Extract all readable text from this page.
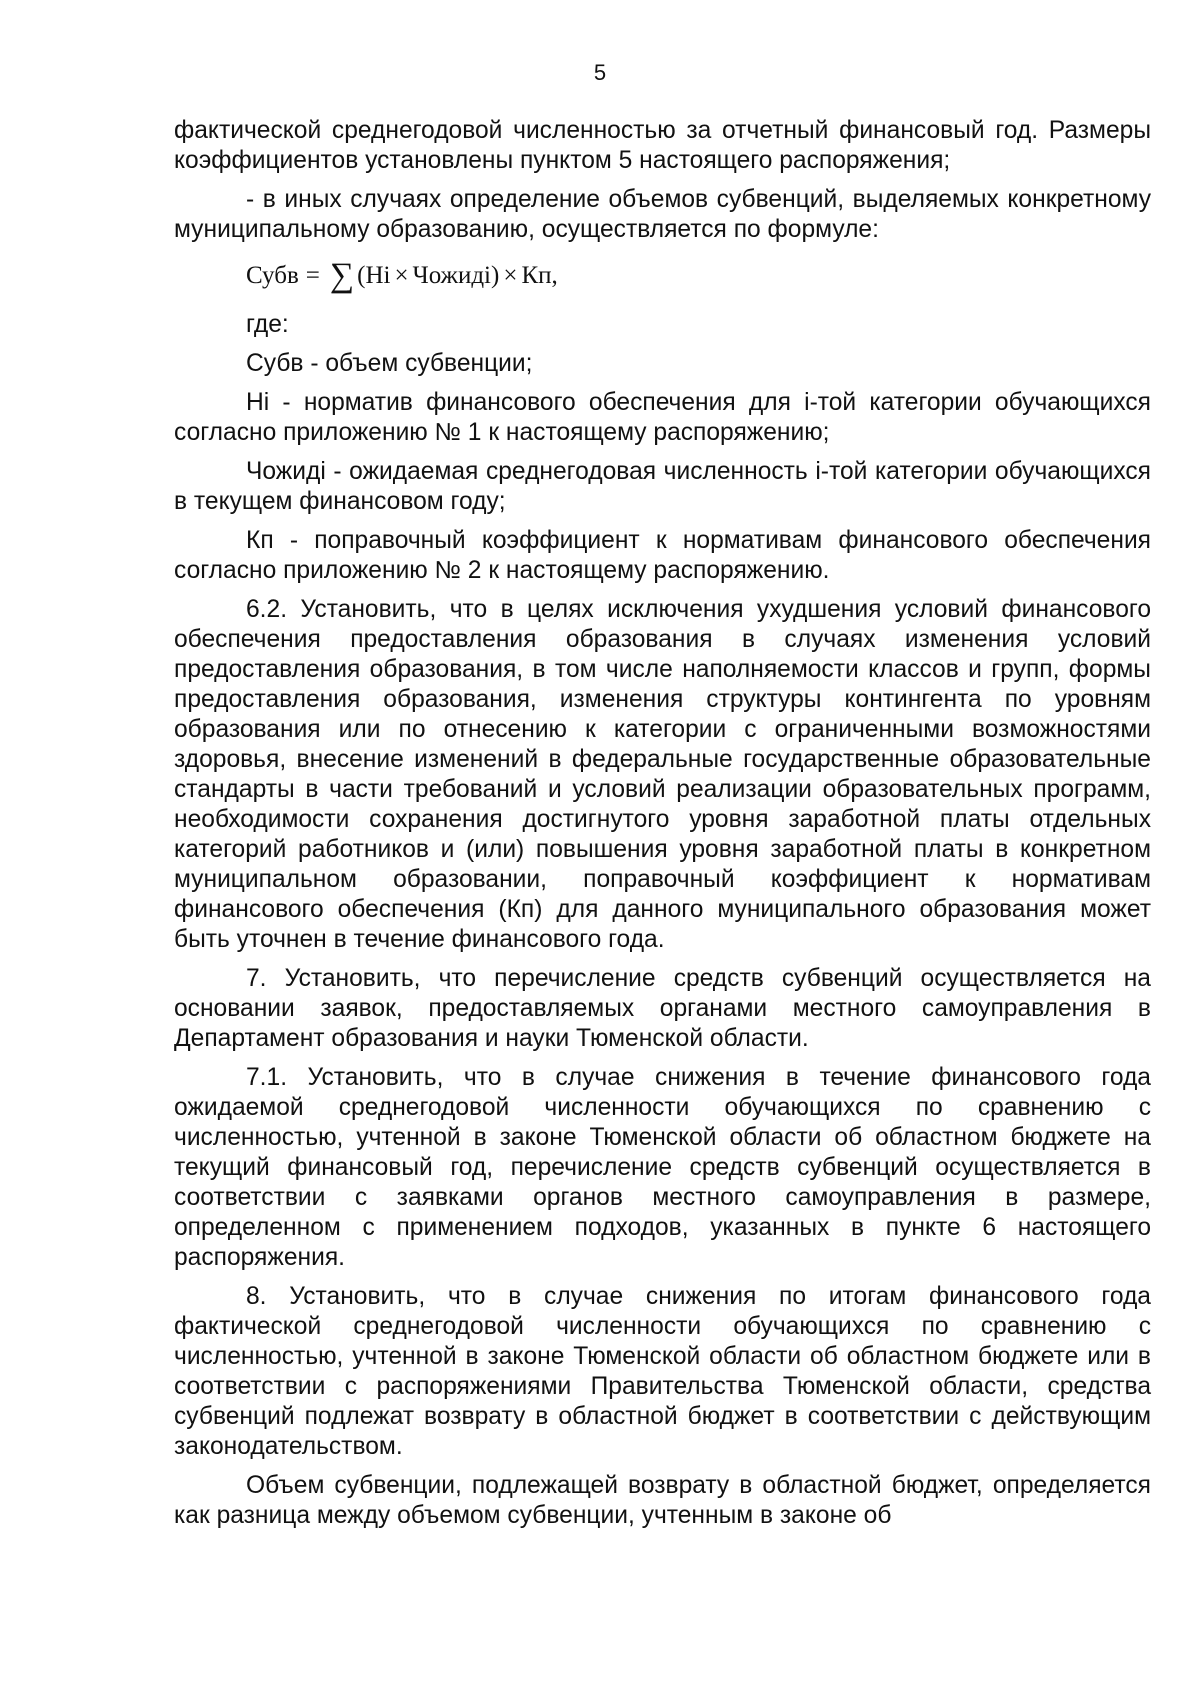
5

фактической среднегодовой численностью за отчетный финансовый год. Размеры коэффициентов установлены пунктом 5 настоящего распоряжения;

- в иных случаях определение объемов субвенций, выделяемых конкретному муниципальному образованию, осуществляется по формуле:

Субв = ∑ ( Нi × Чожидi ) × Кп ,

где:

Субв - объем субвенции;

Нi - норматив финансового обеспечения для i-той категории обучающихся согласно приложению № 1 к настоящему распоряжению;

Чожидi - ожидаемая среднегодовая численность i-той категории обучающихся в текущем финансовом году;

Кп - поправочный коэффициент к нормативам финансового обеспечения согласно приложению № 2 к настоящему распоряжению.

6.2. Установить, что в целях исключения ухудшения условий финансового обеспечения предоставления образования в случаях изменения условий предоставления образования, в том числе наполняемости классов и групп, формы предоставления образования, изменения структуры контингента по уровням образования или по отнесению к категории с ограниченными возможностями здоровья, внесение изменений в федеральные государственные образовательные стандарты в части требований и условий реализации образовательных программ, необходимости сохранения достигнутого уровня заработной платы отдельных категорий работников и (или) повышения уровня заработной платы в конкретном муниципальном образовании, поправочный коэффициент к нормативам финансового обеспечения (Кп) для данного муниципального образования может быть уточнен в течение финансового года.

7. Установить, что перечисление средств субвенций осуществляется на основании заявок, предоставляемых органами местного самоуправления в Департамент образования и науки Тюменской области.

7.1. Установить, что в случае снижения в течение финансового года ожидаемой среднегодовой численности обучающихся по сравнению с численностью, учтенной в законе Тюменской области об областном бюджете на текущий финансовый год, перечисление средств субвенций осуществляется в соответствии с заявками органов местного самоуправления в размере, определенном с применением подходов, указанных в пункте 6 настоящего распоряжения.

8. Установить, что в случае снижения по итогам финансового года фактической среднегодовой численности обучающихся по сравнению с численностью, учтенной в законе Тюменской области об областном бюджете или в соответствии с распоряжениями Правительства Тюменской области, средства субвенций подлежат возврату в областной бюджет в соответствии с действующим законодательством.

Объем субвенции, подлежащей возврату в областной бюджет, определяется как разница между объемом субвенции, учтенным в законе об
